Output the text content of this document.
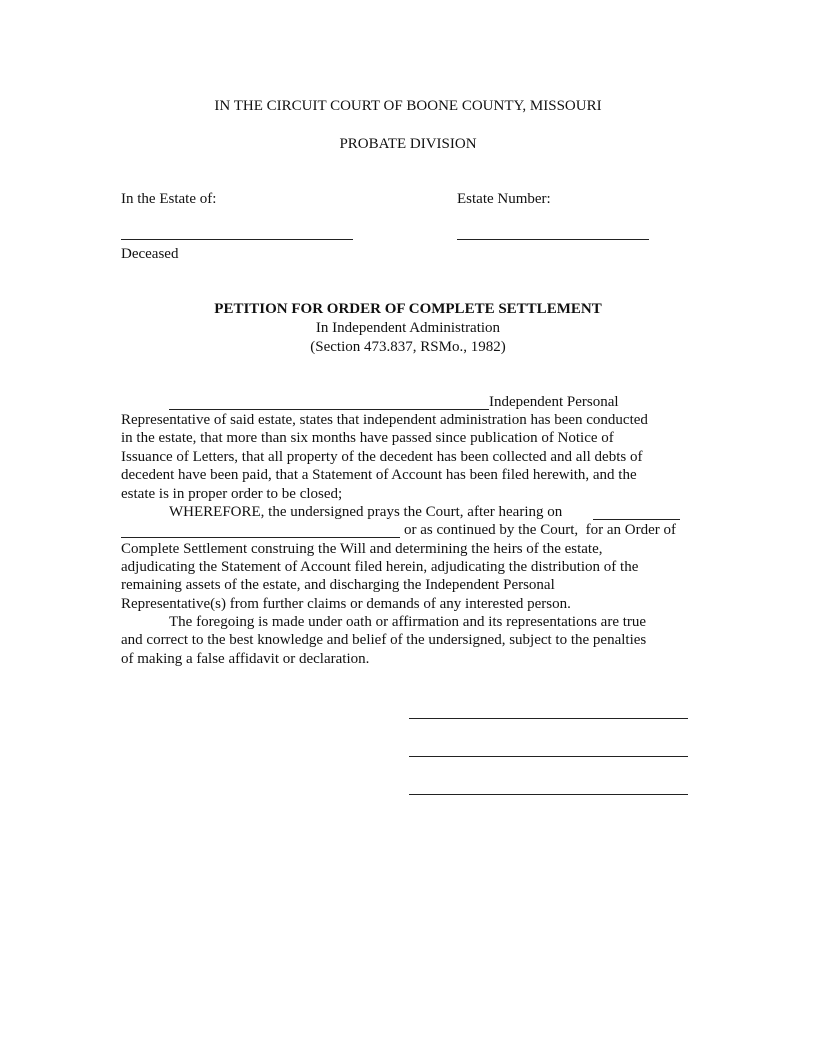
IN THE CIRCUIT COURT OF BOONE COUNTY, MISSOURI
PROBATE DIVISION
In the Estate of:	Estate Number:
Deceased
PETITION FOR ORDER OF COMPLETE SETTLEMENT
In Independent Administration
(Section 473.837, RSMo., 1982)
Independent Personal
Representative of said estate, states that independent administration has been conducted
in the estate, that more than six months have passed since publication of Notice of
Issuance of Letters, that all property of the decedent has been collected and all debts of
decedent have been paid, that a Statement of Account has been filed herewith, and the
estate is in proper order to be closed;
WHEREFORE, the undersigned prays the Court, after hearing on
or as continued by the Court,  for an Order of
Complete Settlement construing the Will and determining the heirs of the estate,
adjudicating the Statement of Account filed herein, adjudicating the distribution of the
remaining assets of the estate, and discharging the Independent Personal
Representative(s) from further claims or demands of any interested person.
The foregoing is made under oath or affirmation and its representations are true
and correct to the best knowledge and belief of the undersigned, subject to the penalties
of making a false affidavit or declaration.
